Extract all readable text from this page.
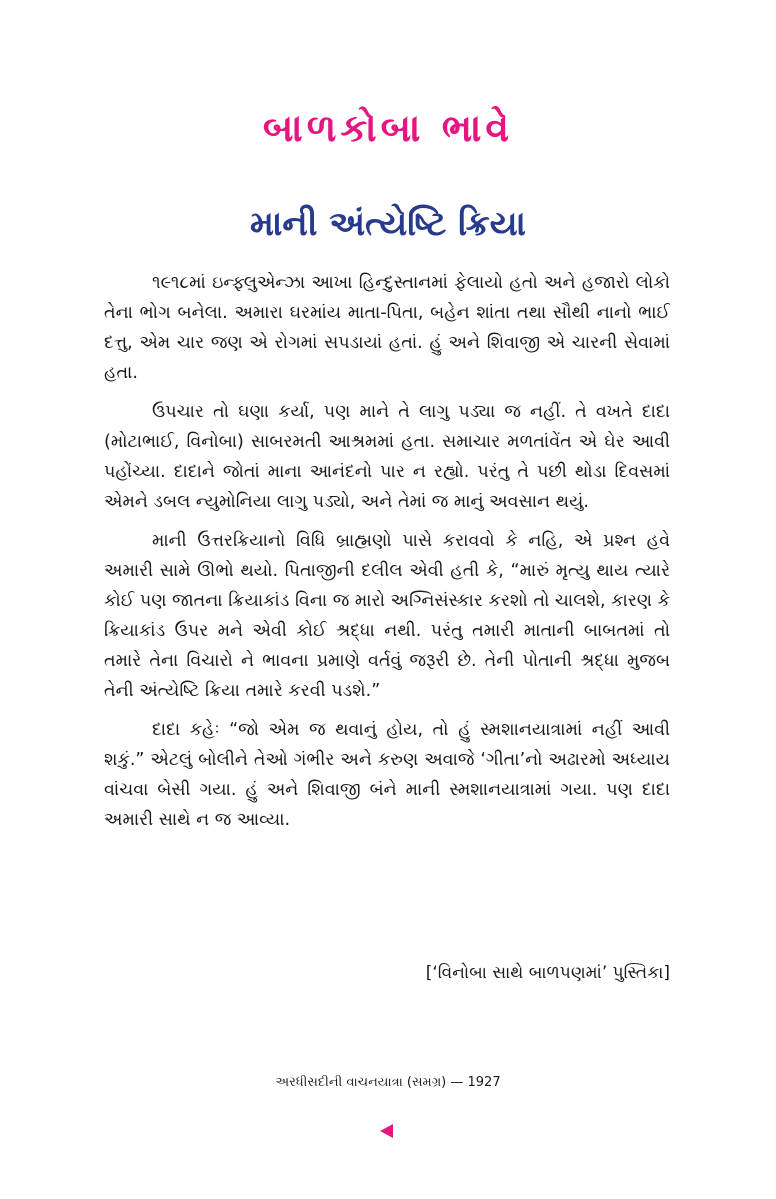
બાળકોબા ભાવે
માની અંત્યેષ્ટિ ક્રિયા

૧૯૧૮માં ઇન્ફ્લુએન્ઝા આખા હિન્દુસ્તાનમાં ફેલાયો હતો અને હજારો લોકો તેના ભોગ બનેલા. અમારા ઘરમાંય માતા-પિતા, બહેન શાંતા તથા સૌથી નાનો ભાઈ દત્તુ, એમ ચાર જણ એ રોગમાં સપડાયાં હતાં. હું અને શિવાજી એ ચારની સેવામાં હતા.

ઉપચાર તો ઘણા કર્યા, પણ માને તે લાગુ પડ્યા જ નહીં. તે વખતે દાદા (મોટાભાઈ, વિનોબા) સાબરમતી આશ્રમમાં હતા. સમાચાર મળતાંવેંત એ ઘેર આવી પહોંચ્યા. દાદાને જોતાં માના આનંદનો પાર ન રહ્યો. પરંતુ તે પછી થોડા દિવસમાં એમને ડબલ ન્યુમોનિયા લાગુ પડ્યો, અને તેમાં જ માનું અવસાન થયું.

માની ઉત્તરક્રિયાનો વિધિ બ્રાહ્મણો પાસે કરાવવો કે નહિ, એ પ્રશ્ન હવે અમારી સામે ઊભો થયો. પિતાજીની દલીલ એવી હતી કે, “મારું મૃત્યુ થાય ત્યારે કોઈ પણ જાતના ક્રિયાકાંડ વિના જ મારો અગ્નિસંસ્કાર કરશો તો ચાલશે, કારણ કે ક્રિયાકાંડ ઉપર મને એવી કોઈ શ્રદ્ધા નથી. પરંતુ તમારી માતાની બાબતમાં તો તમારે તેના વિચારો ને ભાવના પ્રમાણે વર્તવું જરૂરી છે. તેની પોતાની શ્રદ્ધા મુજબ તેની અંત્યેષ્ટિ ક્રિયા તમારે કરવી પડશે.”

દાદા કહેઃ “જો એમ જ થવાનું હોય, તો હું સ્મશાનયાત્રામાં નહીં આવી શકું.” એટલું બોલીને તેઓ ગંભીર અને કરુણ અવાજે ‘ગીતા’નો અઢારમો અધ્યાય વાંચવા બેસી ગયા. હું અને શિવાજી બંને માની સ્મશાનયાત્રામાં ગયા. પણ દાદા અમારી સાથે ન જ આવ્યા.

[‘વિનોબા સાથે બાળપણમાં’ પુસ્તિકા]
અરધીસદીની વાચનયાત્રા (સમગ્ર) — 1927
